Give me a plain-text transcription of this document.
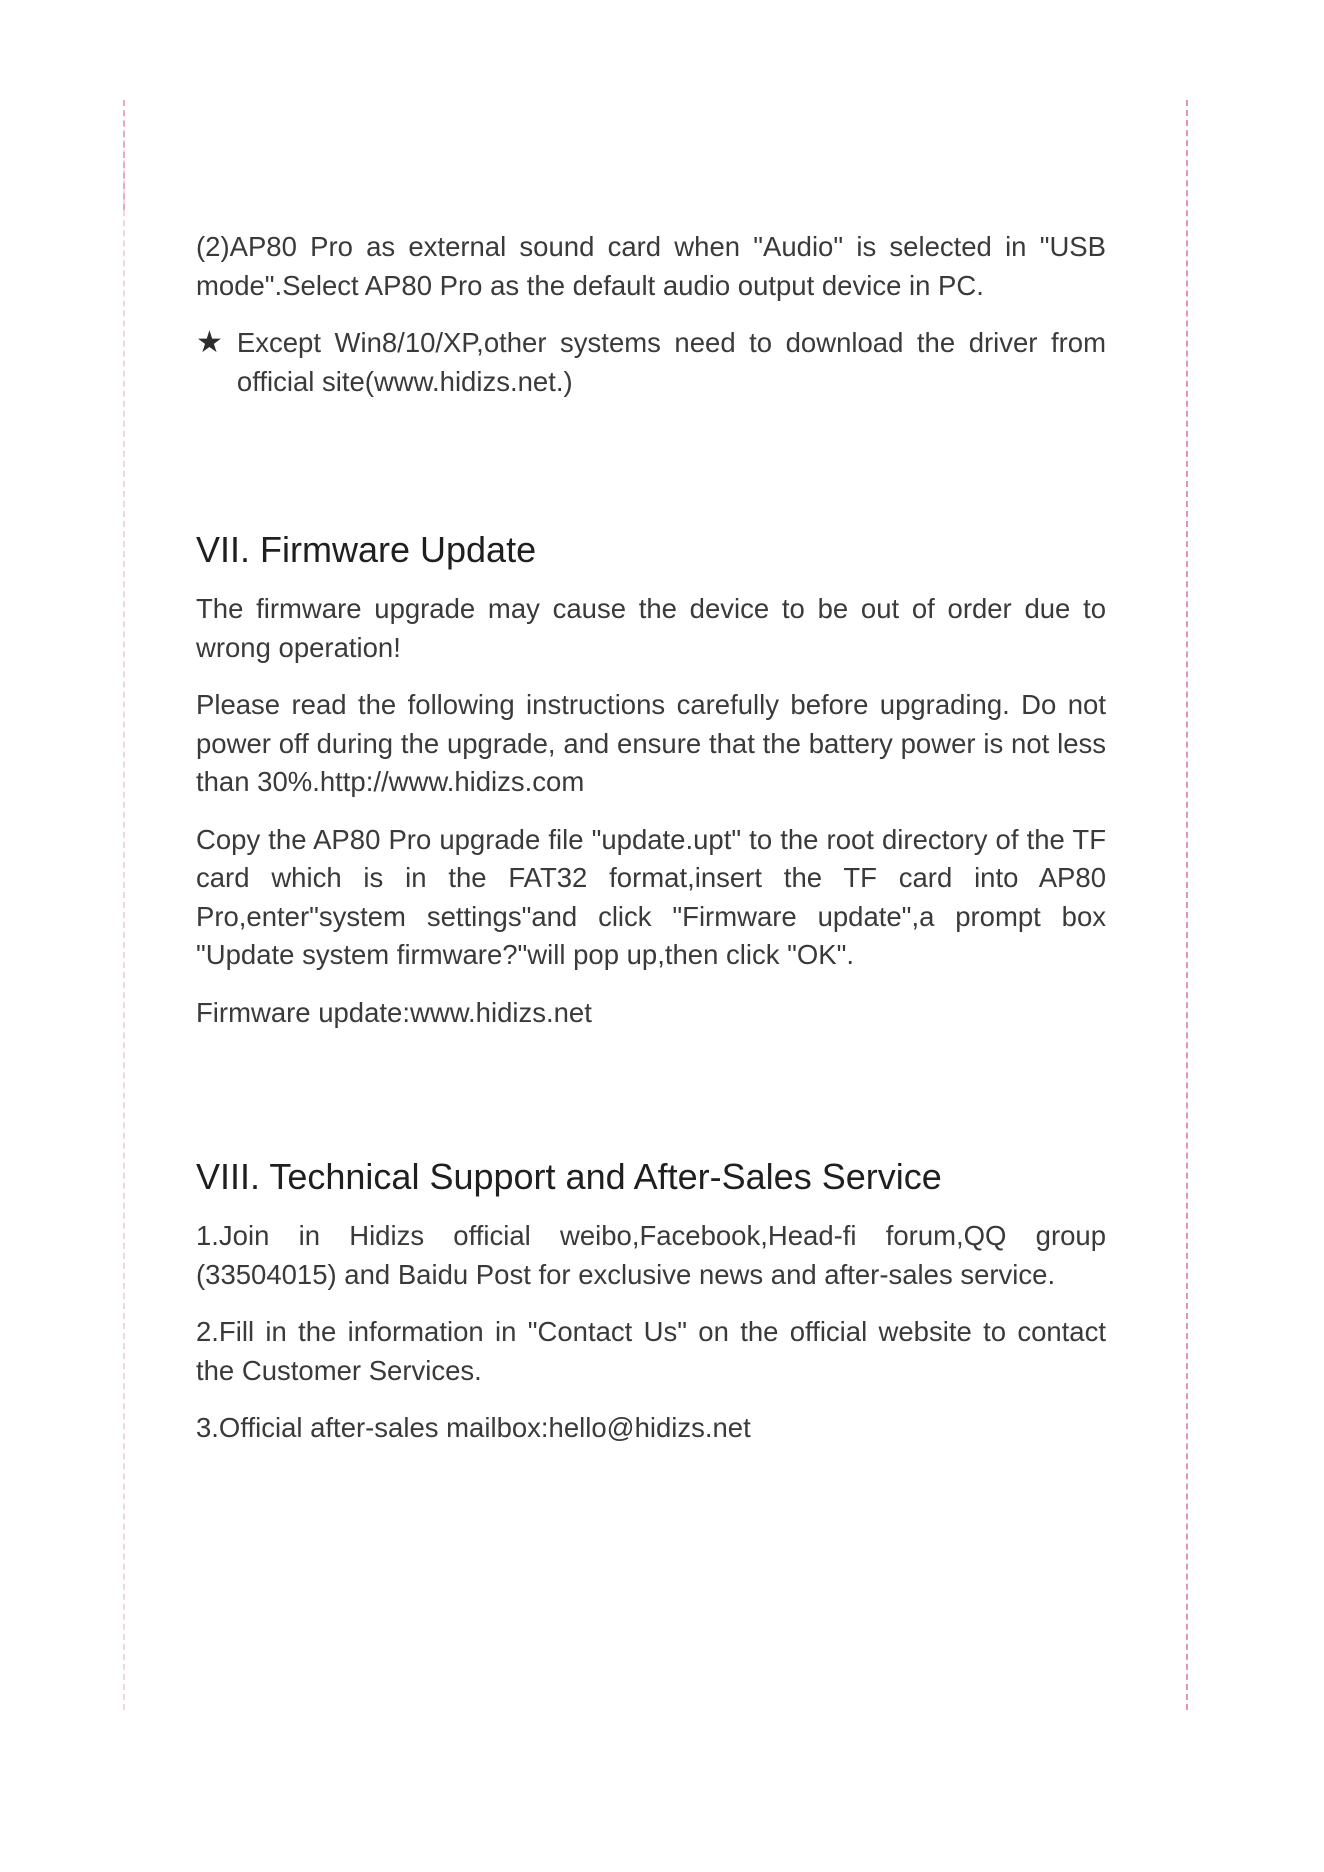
(2)AP80 Pro as external sound card when "Audio" is selected in "USB mode".Select AP80 Pro as the default audio output device in PC.

★ Except Win8/10/XP,other systems need to download the driver from official site(www.hidizs.net.)
VII. Firmware Update

The firmware upgrade may cause the device to be out of order due to wrong operation!

Please read the following instructions carefully before upgrading. Do not power off during the upgrade, and ensure that the battery power is not less than 30%.http://www.hidizs.com

Copy the AP80 Pro upgrade file "update.upt" to the root directory of the TF card which is in the FAT32 format,insert the TF card into AP80 Pro,enter"system settings"and click "Firmware update",a prompt box "Update system firmware?"will pop up,then click "OK".

Firmware update:www.hidizs.net

VIII. Technical Support and After-Sales Service

1.Join in Hidizs official weibo,Facebook,Head-fi forum,QQ group (33504015) and Baidu Post for exclusive news and after-sales service.

2.Fill in the information in "Contact Us" on the official website to contact the Customer Services.

3.Official after-sales mailbox:hello@hidizs.net
